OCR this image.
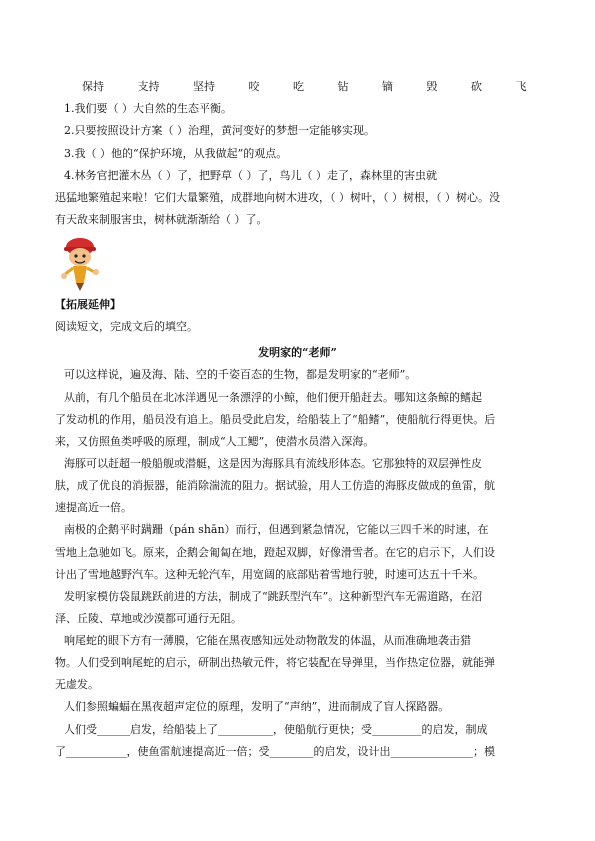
保持	支持	坚持	咬	吃	钻	镝	毁	砍	飞
1.我们要（ ）大自然的生态平衡。
2.只要按照设计方案（ ）治理，黄河变好的梦想一定能够实现。
3.我（ ）他的“保护环境，从我做起”的观点。
4.林务官把灌木丛（ ）了，把野草（ ）了，鸟儿（ ）走了，森林里的害虫就
迅猛地繁殖起来啦！它们大量繁殖，成群地向树木进攻，（ ）树叶，（ ）树根，（ ）树心。没
有天敌来制服害虫，树林就渐渐给（ ）了。
【拓展延伸】
阅读短文，完成文后的填空。
发明家的“老师”
可以这样说，遍及海、陆、空的千姿百态的生物，都是发明家的“老师”。
从前，有几个船员在北冰洋遇见一条漂浮的小鲸，他们便开船赶去。哪知这条鲸的鳍起
了发动机的作用，船员没有追上。船员受此启发，给船装上了“船鳍”，使船航行得更快。后
来，又仿照鱼类呼吸的原理，制成“人工鳃”，使潜水员潜入深海。
海豚可以赶超一般船舰或潜艇，这是因为海豚具有流线形体态。它那独特的双层弹性皮
肤，成了优良的消振器，能消除湍流的阻力。据试验，用人工仿造的海豚皮做成的鱼雷，航
速提高近一倍。
南极的企鹅平时蹒跚（pán shān）而行，但遇到紧急情况，它能以三四千米的时速，在
雪地上急驰如飞。原来，企鹅会匍匐在地，蹬起双脚，好像滑雪者。在它的启示下，人们设
计出了雪地越野汽车。这种无轮汽车，用宽阔的底部贴着雪地行驶，时速可达五十千米。
发明家模仿袋鼠跳跃前进的方法，制成了“跳跃型汽车”。这种新型汽车无需道路，在沼
泽、丘陵、草地或沙漠都可通行无阻。
响尾蛇的眼下方有一薄膜，它能在黑夜感知远处动物散发的体温，从而准确地袭击猎
物。人们受到响尾蛇的启示，研制出热敏元件，将它装配在导弹里，当作热定位器，就能弹
无虚发。
人们参照蝙蝠在黑夜超声定位的原理，发明了“声纳”，进而制成了盲人探路器。
人们受______启发，给船装上了__________，使船航行更快；受_________的启发，制成
了___________，使鱼雷航速提高近一倍；受________的启发，设计出_______________；模
